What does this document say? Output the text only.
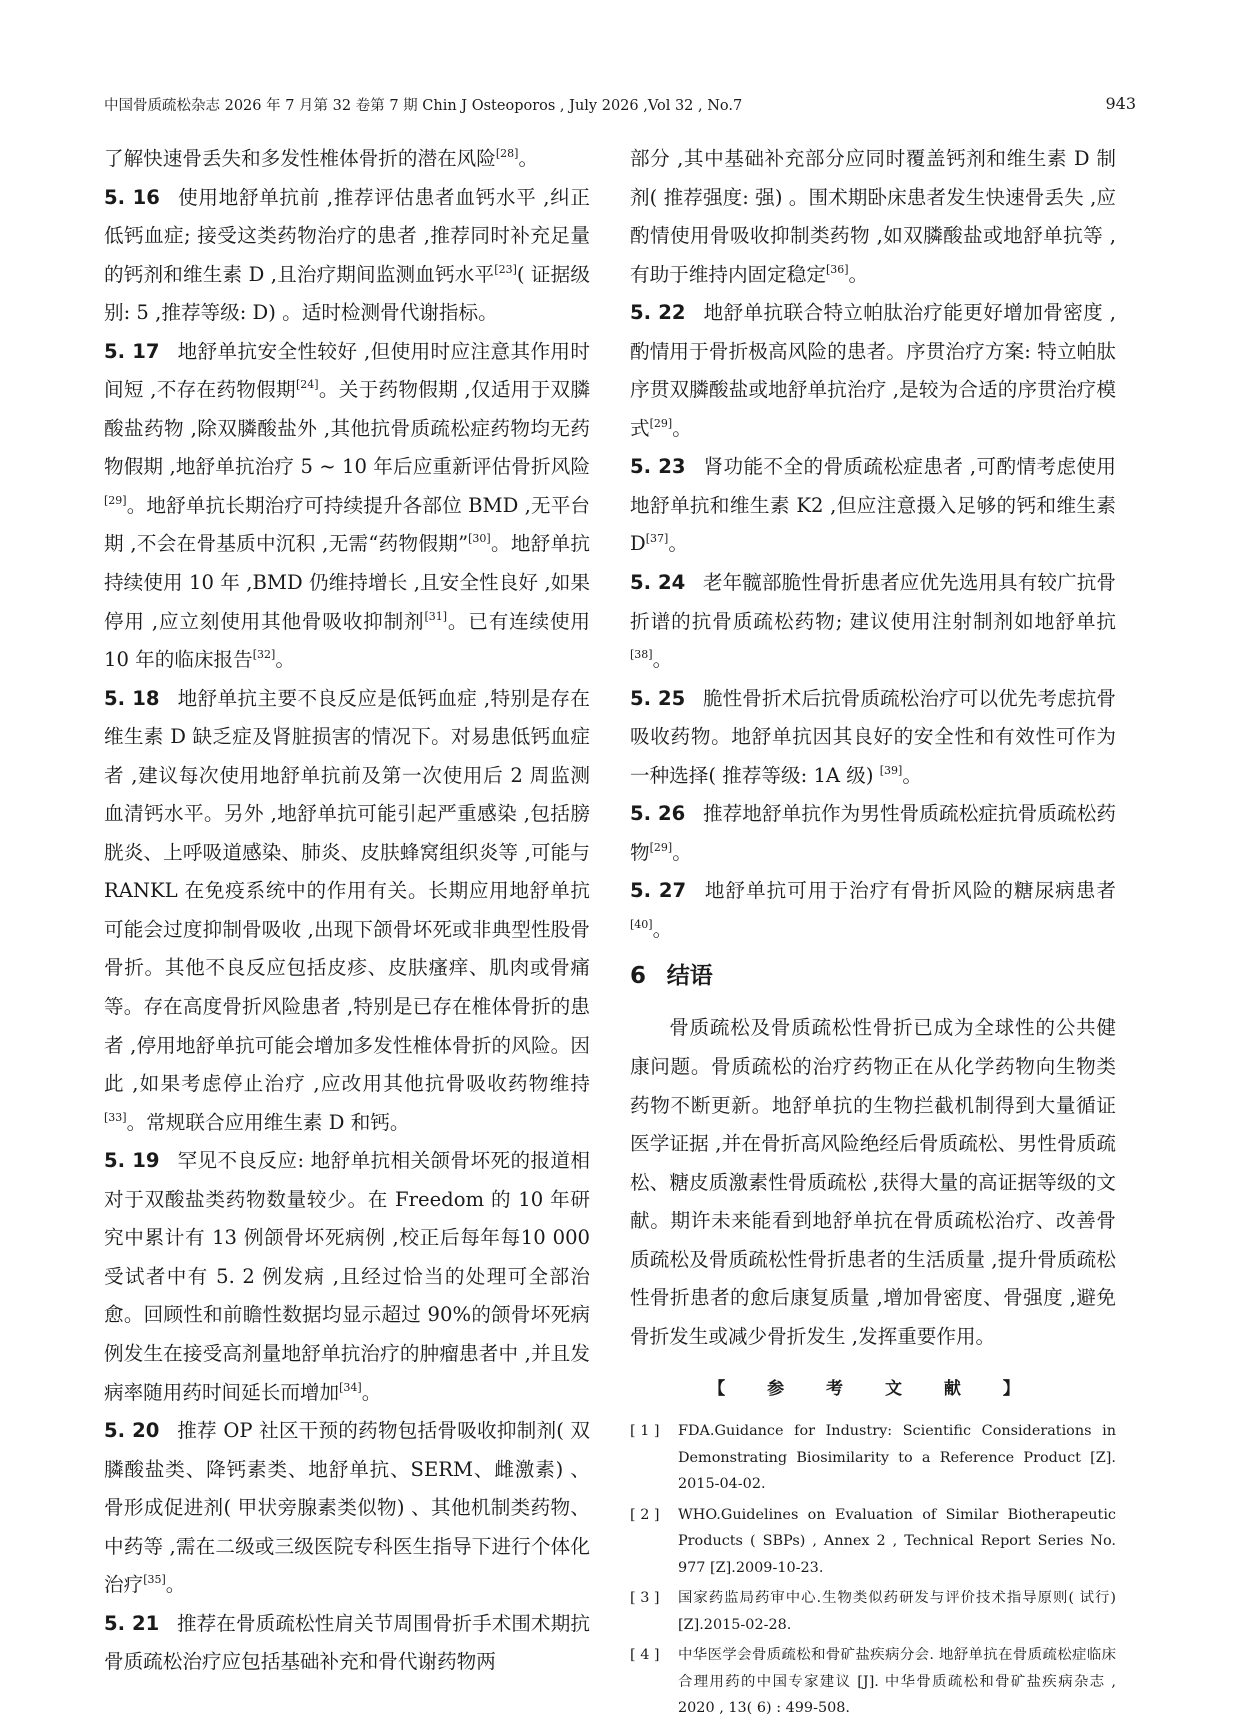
中国骨质疏松杂志 2026 年 7 月第 32 卷第 7 期 Chin J Osteoporos , July 2026 ,Vol 32 , No.7	943

了解快速骨丢失和多发性椎体骨折的潜在风险[28]。

5. 16 使用地舒单抗前 ,推荐评估患者血钙水平 ,纠正低钙血症; 接受这类药物治疗的患者 ,推荐同时补充足量的钙剂和维生素 D ,且治疗期间监测血钙水平[23]( 证据级别: 5 ,推荐等级: D) 。适时检测骨代谢指标。

5. 17 地舒单抗安全性较好 ,但使用时应注意其作用时间短 ,不存在药物假期[24]。关于药物假期 ,仅适用于双膦酸盐药物 ,除双膦酸盐外 ,其他抗骨质疏松症药物均无药物假期 ,地舒单抗治疗 5 ~ 10 年后应重新评估骨折风险[29]。地舒单抗长期治疗可持续提升各部位 BMD ,无平台期 ,不会在骨基质中沉积 ,无需“药物假期”[30]。地舒单抗持续使用 10 年 ,BMD 仍维持增长 ,且安全性良好 ,如果停用 ,应立刻使用其他骨吸收抑制剂[31]。已有连续使用 10 年的临床报告[32]。

5. 18 地舒单抗主要不良反应是低钙血症 ,特别是存在维生素 D 缺乏症及肾脏损害的情况下。对易患低钙血症者 ,建议每次使用地舒单抗前及第一次使用后 2 周监测血清钙水平。另外 ,地舒单抗可能引起严重感染 ,包括膀胱炎、上呼吸道感染、肺炎、皮肤蜂窝组织炎等 ,可能与 RANKL 在免疫系统中的作用有关。长期应用地舒单抗可能会过度抑制骨吸收 ,出现下颌骨坏死或非典型性股骨骨折。其他不良反应包括皮疹、皮肤瘙痒、肌肉或骨痛等。存在高度骨折风险患者 ,特别是已存在椎体骨折的患者 ,停用地舒单抗可能会增加多发性椎体骨折的风险。因此 ,如果考虑停止治疗 ,应改用其他抗骨吸收药物维持[33]。常规联合应用维生素 D 和钙。

5. 19 罕见不良反应: 地舒单抗相关颌骨坏死的报道相对于双酸盐类药物数量较少。在 Freedom 的 10 年研究中累计有 13 例颌骨坏死病例 ,校正后每年每10 000受试者中有 5. 2 例发病 ,且经过恰当的处理可全部治愈。回顾性和前瞻性数据均显示超过 90%的颌骨坏死病例发生在接受高剂量地舒单抗治疗的肿瘤患者中 ,并且发病率随用药时间延长而增加[34]。

5. 20 推荐 OP 社区干预的药物包括骨吸收抑制剂( 双膦酸盐类、降钙素类、地舒单抗、SERM、雌激素) 、骨形成促进剂( 甲状旁腺素类似物) 、其他机制类药物、中药等 ,需在二级或三级医院专科医生指导下进行个体化治疗[35]。

5. 21 推荐在骨质疏松性肩关节周围骨折手术围术期抗骨质疏松治疗应包括基础补充和骨代谢药物两

部分 ,其中基础补充部分应同时覆盖钙剂和维生素 D 制剂( 推荐强度: 强) 。围术期卧床患者发生快速骨丢失 ,应酌情使用骨吸收抑制类药物 ,如双膦酸盐或地舒单抗等 ,有助于维持内固定稳定[36]。

5. 22 地舒单抗联合特立帕肽治疗能更好增加骨密度 ,酌情用于骨折极高风险的患者。序贯治疗方案: 特立帕肽序贯双膦酸盐或地舒单抗治疗 ,是较为合适的序贯治疗模式[29]。

5. 23 肾功能不全的骨质疏松症患者 ,可酌情考虑使用地舒单抗和维生素 K2 ,但应注意摄入足够的钙和维生素 D[37]。

5. 24 老年髋部脆性骨折患者应优先选用具有较广抗骨折谱的抗骨质疏松药物; 建议使用注射制剂如地舒单抗[38]。

5. 25 脆性骨折术后抗骨质疏松治疗可以优先考虑抗骨吸收药物。地舒单抗因其良好的安全性和有效性可作为一种选择( 推荐等级: 1A 级) [39]。

5. 26 推荐地舒单抗作为男性骨质疏松症抗骨质疏松药物[29]。

5. 27 地舒单抗可用于治疗有骨折风险的糖尿病患者[40]。

6 结语

骨质疏松及骨质疏松性骨折已成为全球性的公共健康问题。骨质疏松的治疗药物正在从化学药物向生物类药物不断更新。地舒单抗的生物拦截机制得到大量循证医学证据 ,并在骨折高风险绝经后骨质疏松、男性骨质疏松、糖皮质激素性骨质疏松 ,获得大量的高证据等级的文献。期许未来能看到地舒单抗在骨质疏松治疗、改善骨质疏松及骨质疏松性骨折患者的生活质量 ,提升骨质疏松性骨折患者的愈后康复质量 ,增加骨密度、骨强度 ,避免骨折发生或减少骨折发生 ,发挥重要作用。

【 参 考 文 献 】
[ 1 ]	FDA.Guidance for Industry: Scientific Considerations in Demonstrating Biosimilarity to a Reference Product [Z]. 2015-04-02.
[ 2 ]	WHO.Guidelines on Evaluation of Similar Biotherapeutic Products ( SBPs) , Annex 2 , Technical Report Series No. 977 [Z].2009-10-23.
[ 3 ]	国家药监局药审中心.生物类似药研发与评价技术指导原则( 试行) [Z].2015-02-28.
[ 4 ]	中华医学会骨质疏松和骨矿盐疾病分会. 地舒单抗在骨质疏松症临床合理用药的中国专家建议 [J]. 中华骨质疏松和骨矿盐疾病杂志 , 2020 , 13( 6) : 499-508.
